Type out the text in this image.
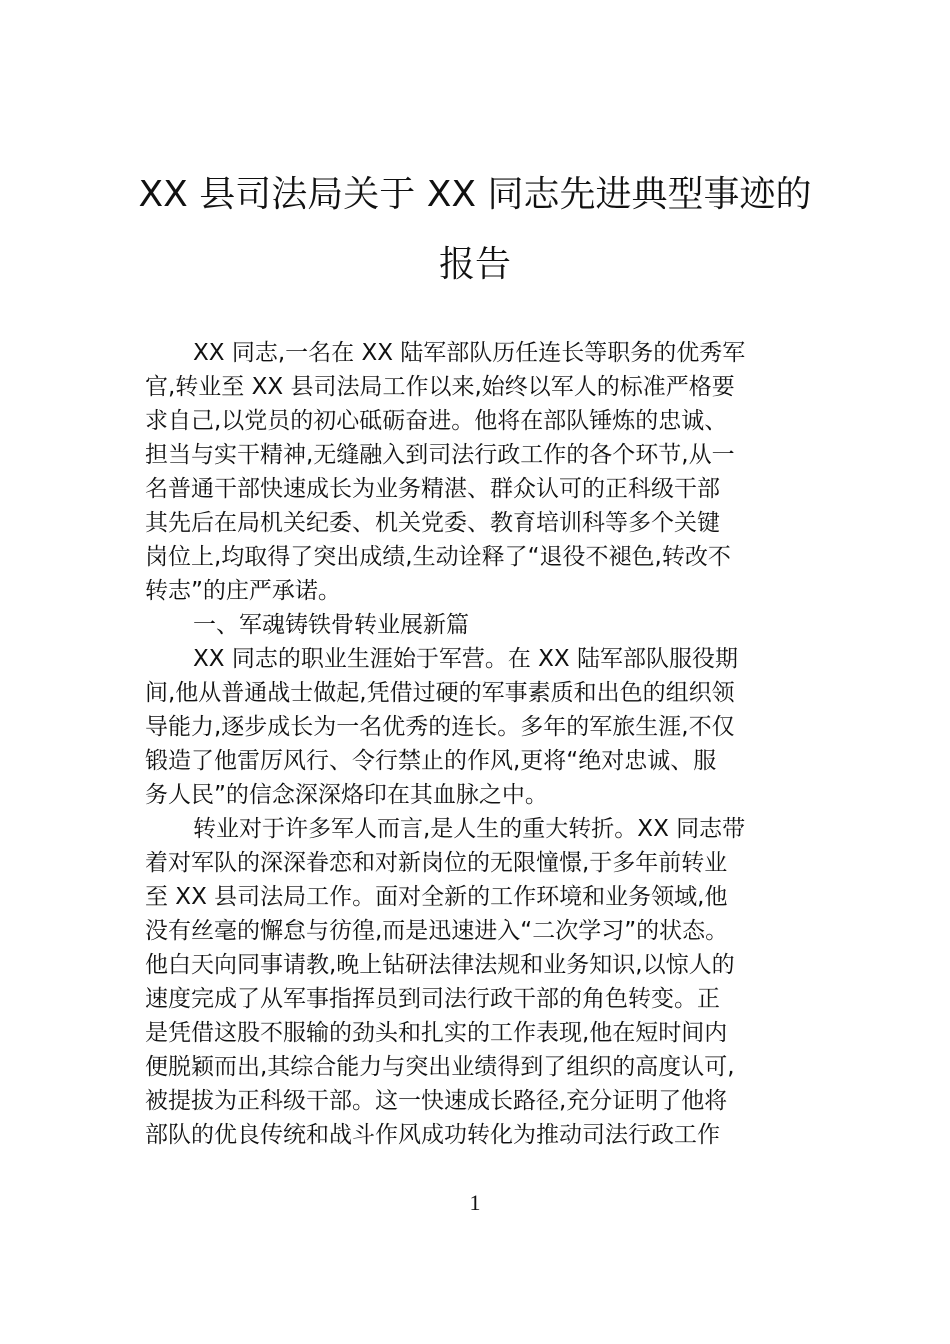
XX 县司法局关于 XX 同志先进典型事迹的
报告
XX 同志,一名在 XX 陆军部队历任连长等职务的优秀军
官,转业至 XX 县司法局工作以来,始终以军人的标准严格要
求自己,以党员的初心砥砺奋进。他将在部队锤炼的忠诚、
担当与实干精神,无缝融入到司法行政工作的各个环节,从一
名普通干部快速成长为业务精湛、群众认可的正科级干部
其先后在局机关纪委、机关党委、教育培训科等多个关键
岗位上,均取得了突出成绩,生动诠释了“退役不褪色,转改不
转志”的庄严承诺。
一、军魂铸铁骨转业展新篇
XX 同志的职业生涯始于军营。在 XX 陆军部队服役期
间,他从普通战士做起,凭借过硬的军事素质和出色的组织领
导能力,逐步成长为一名优秀的连长。多年的军旅生涯,不仅
锻造了他雷厉风行、令行禁止的作风,更将“绝对忠诚、服
务人民”的信念深深烙印在其血脉之中。
转业对于许多军人而言,是人生的重大转折。XX 同志带
着对军队的深深眷恋和对新岗位的无限憧憬,于多年前转业
至 XX 县司法局工作。面对全新的工作环境和业务领域,他
没有丝毫的懈怠与彷徨,而是迅速进入“二次学习”的状态。
他白天向同事请教,晚上钻研法律法规和业务知识,以惊人的
速度完成了从军事指挥员到司法行政干部的角色转变。正
是凭借这股不服输的劲头和扎实的工作表现,他在短时间内
便脱颖而出,其综合能力与突出业绩得到了组织的高度认可,
被提拔为正科级干部。这一快速成长路径,充分证明了他将
部队的优良传统和战斗作风成功转化为推动司法行政工作
1
